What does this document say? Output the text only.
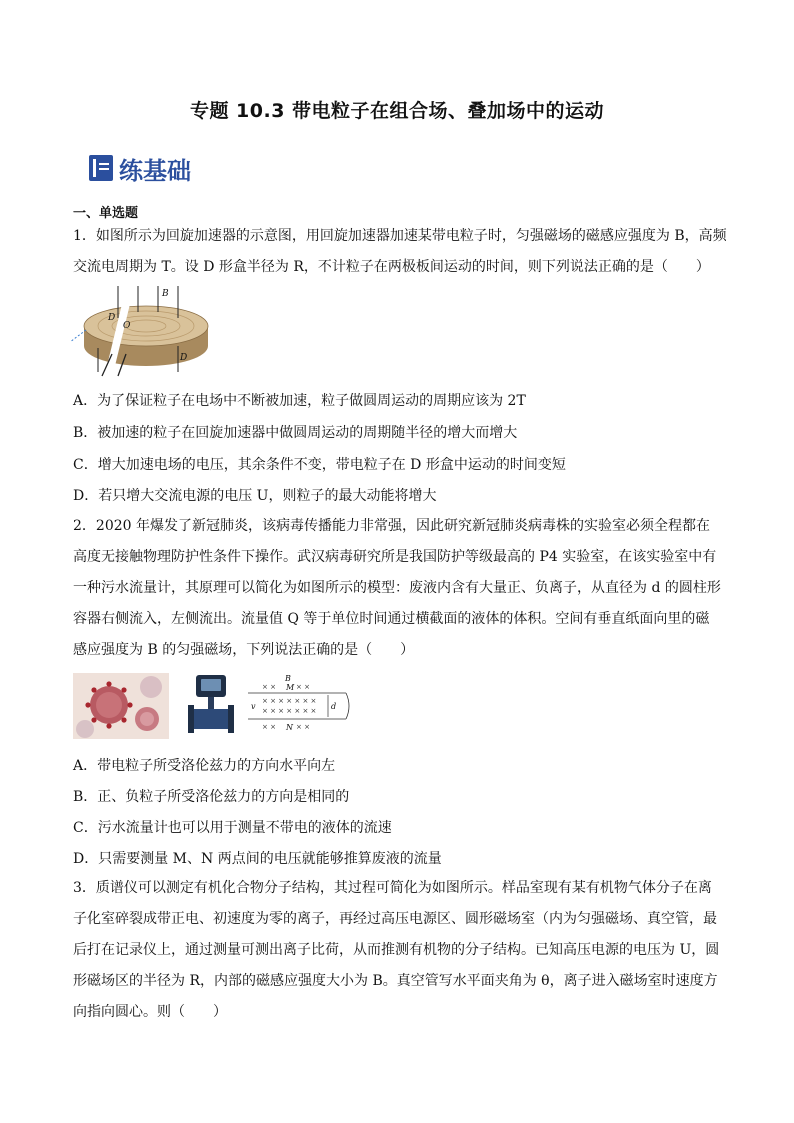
专题 10.3 带电粒子在组合场、叠加场中的运动
练基础
一、单选题
1．如图所示为回旋加速器的示意图，用回旋加速器加速某带电粒子时，匀强磁场的磁感应强度为 B，高频
交流电周期为 T。设 D 形盒半径为 R，不计粒子在两极板间运动的时间，则下列说法正确的是（　　）
B
D
O
D
A．为了保证粒子在电场中不断被加速，粒子做圆周运动的周期应该为 2T
B．被加速的粒子在回旋加速器中做圆周运动的周期随半径的增大而增大
C．增大加速电场的电压，其余条件不变，带电粒子在 D 形盒中运动的时间变短
D．若只增大交流电源的电压 U，则粒子的最大动能将增大
2．2020 年爆发了新冠肺炎，该病毒传播能力非常强，因此研究新冠肺炎病毒株的实验室必须全程都在高度无接触物理防护性条件下操作。武汉病毒研究所是我国防护等级最高的 P4 实验室，在该实验室中有一种污水流量计，其原理可以简化为如图所示的模型：废液内含有大量正、负离子，从直径为 d 的圆柱形容器右侧流入，左侧流出。流量值 Q 等于单位时间通过横截面的液体的体积。空间有垂直纸面向里的磁感应强度为 B 的匀强磁场，下列说法正确的是（　　）
× ×	× ×
× × × × × × ×
× × × × × × ×
× ×	× ×
B
M
N
d
v
A．带电粒子所受洛伦兹力的方向水平向左
B．正、负粒子所受洛伦兹力的方向是相同的
C．污水流量计也可以用于测量不带电的液体的流速
D．只需要测量 M、N 两点间的电压就能够推算废液的流量
3．质谱仪可以测定有机化合物分子结构，其过程可简化为如图所示。样品室现有某有机物气体分子在离子化室碎裂成带正电、初速度为零的离子，再经过高压电源区、圆形磁场室（内为匀强磁场、真空管，最后打在记录仪上，通过测量可测出离子比荷，从而推测有机物的分子结构。已知高压电源的电压为 U，圆形磁场区的半径为 R，内部的磁感应强度大小为 B。真空管写水平面夹角为 θ，离子进入磁场室时速度方向指向圆心。则（　　）
